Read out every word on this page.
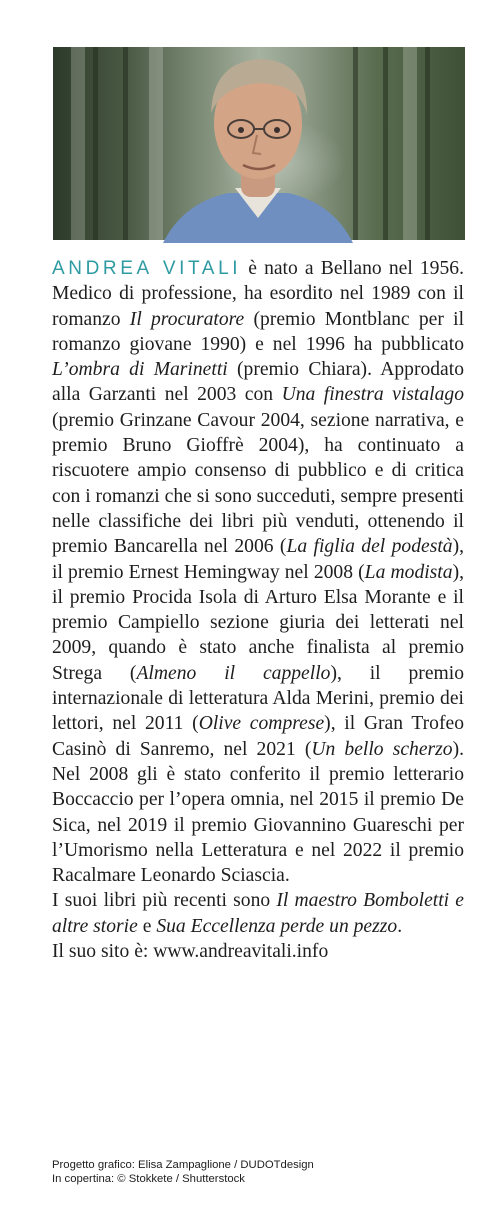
© Yuma Martellanz

ANDREA VITALI è nato a Bellano nel 1956. Medico di professione, ha esordito nel 1989 con il romanzo Il procuratore (premio Montblanc per il romanzo giovane 1990) e nel 1996 ha pubblicato L’ombra di Marinetti (premio Chiara). Approdato alla Garzanti nel 2003 con Una finestra vistalago (premio Grinzane Cavour 2004, sezione narrativa, e premio Bruno Gioffrè 2004), ha continuato a riscuotere ampio consenso di pubblico e di critica con i romanzi che si sono succeduti, sempre presenti nelle classifiche dei libri più venduti, ottenendo il premio Bancarella nel 2006 (La figlia del podestà), il premio Ernest Hemingway nel 2008 (La modista), il premio Procida Isola di Arturo Elsa Morante e il premio Campiello sezione giuria dei letterati nel 2009, quando è stato anche finalista al premio Strega (Almeno il cappello), il premio internazionale di letteratura Alda Merini, premio dei lettori, nel 2011 (Olive comprese), il Gran Trofeo Casinò di Sanremo, nel 2021 (Un bello scherzo). Nel 2008 gli è stato conferito il premio letterario Boccaccio per l’opera omnia, nel 2015 il premio De Sica, nel 2019 il premio Giovannino Guareschi per l’Umorismo nella Letteratura e nel 2022 il premio Racalmare Leonardo Sciascia.

I suoi libri più recenti sono Il maestro Bomboletti e altre storie e Sua Eccellenza perde un pezzo.

Il suo sito è: www.andreavitali.info

Progetto grafico: Elisa Zampaglione / DUDOTdesign
In copertina: © Stokkete / Shutterstock
